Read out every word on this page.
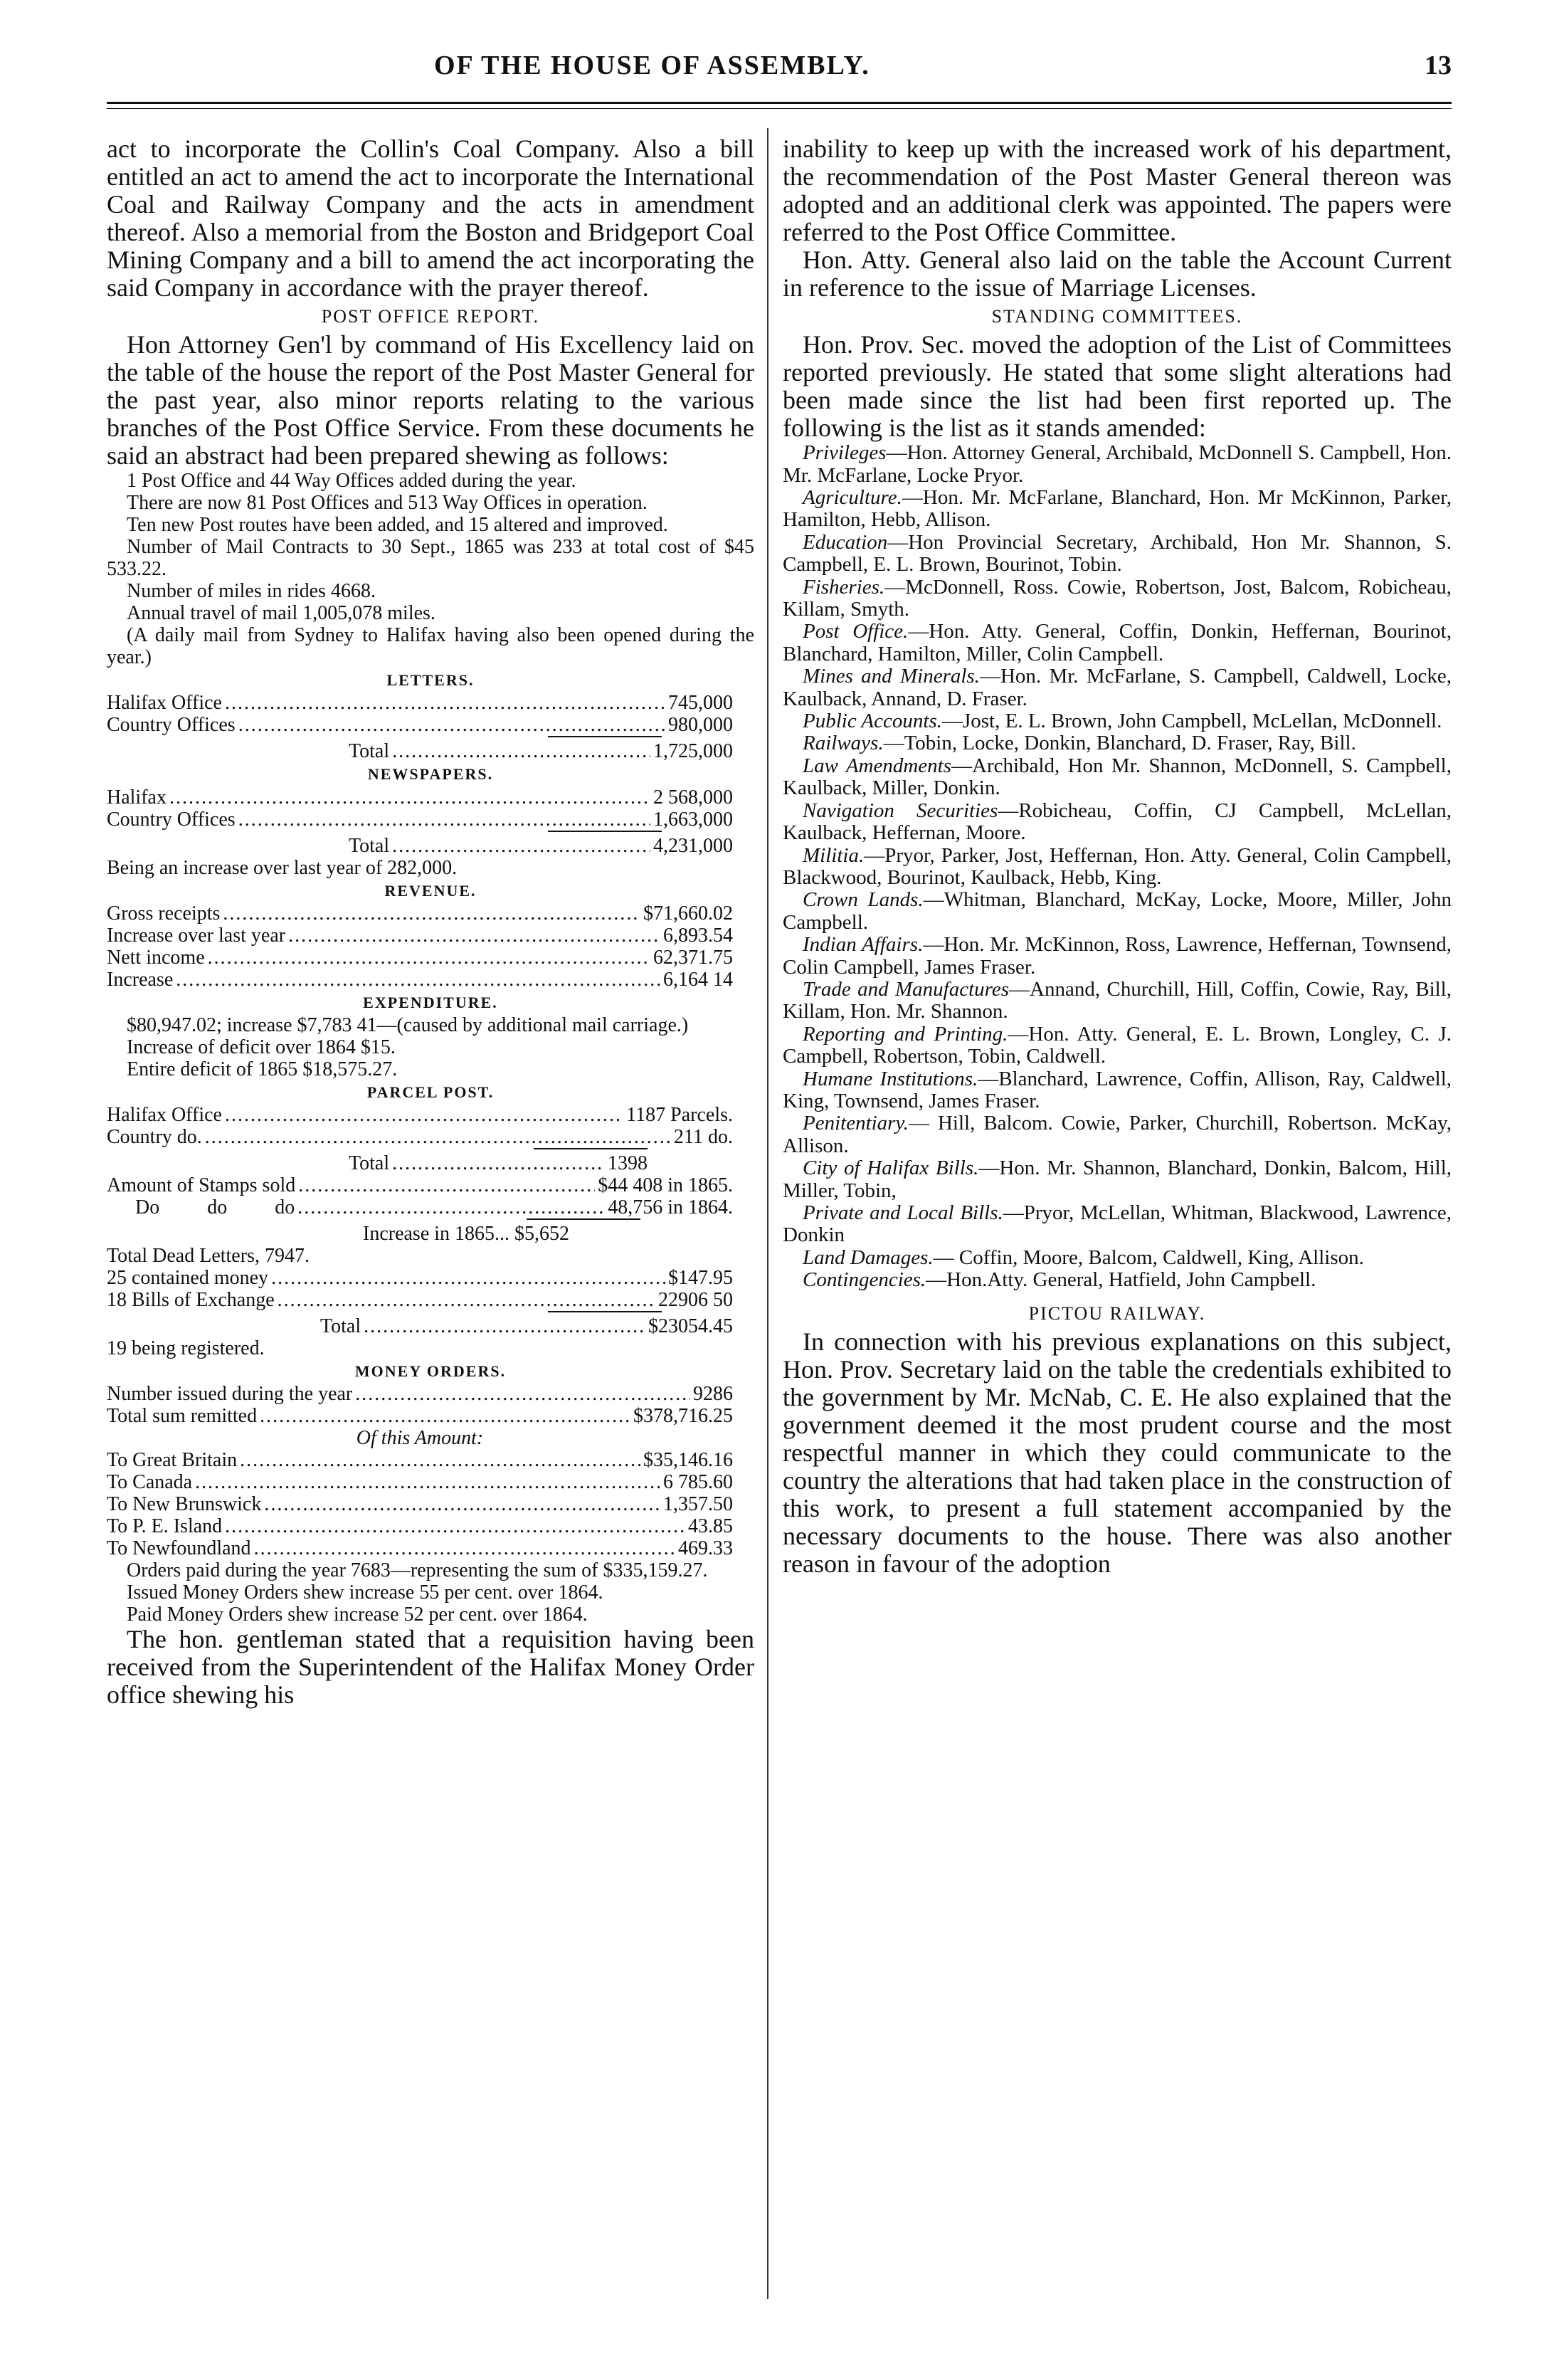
OF THE HOUSE OF ASSEMBLY.	13

act to incorporate the Collin's Coal Company. Also a bill entitled an act to amend the act to incorporate the International Coal and Railway Company and the acts in amendment thereof. Also a memorial from the Boston and Bridgeport Coal Mining Company and a bill to amend the act incorporating the said Company in accordance with the prayer thereof.

POST OFFICE REPORT.

Hon Attorney Gen'l by command of His Excellency laid on the table of the house the report of the Post Master General for the past year, also minor reports relating to the various branches of the Post Office Service. From these documents he said an abstract had been prepared shewing as follows:

1 Post Office and 44 Way Offices added during the year.

There are now 81 Post Offices and 513 Way Offices in operation.

Ten new Post routes have been added, and 15 altered and improved.

Number of Mail Contracts to 30 Sept., 1865 was 233 at total cost of $45 533.22.

Number of miles in rides 4668.

Annual travel of mail 1,005,078 miles.

(A daily mail from Sydney to Halifax having also been opened during the year.)

LETTERS.
Halifax Office .....	745,000
Country Offices .....	980,000
Total .....	1,725,000
NEWSPAPERS.
Halifax .....	2 568,000
Country Offices .....	1,663,000
Total .....	4,231,000

Being an increase over last year of 282,000.

REVENUE.
Gross receipts .....	$71,660.02
Increase over last year .....	6,893.54
Nett income .....	62,371.75
Increase .....	6,164 14
EXPENDITURE.

$80,947.02; increase $7,783 41—(caused by additional mail carriage.)

Increase of deficit over 1864 $15.

Entire deficit of 1865 $18,575.27.

PARCEL POST.
Halifax Office .....	1187 Parcels.
Country do. .....	211 do.
Total .....	1398
Amount of Stamps sold .....	$44 408 in 1865.
Do do do .....	48,756 in 1864.

Increase in 1865... $5,652

Total Dead Letters, 7947.

25 contained money .....	$147.95
18 Bills of Exchange .....	22906 50
Total .....	$23054.45

19 being registered.

MONEY ORDERS.
Number issued during the year .....	9286
Total sum remitted .....	$378,716.25
Of this Amount:
To Great Britain .....	$35,146.16
To Canada .....	6 785.60
To New Brunswick .....	1,357.50
To P. E. Island .....	43.85
To Newfoundland .....	469.33

Orders paid during the year 7683—representing the sum of $335,159.27.

Issued Money Orders shew increase 55 per cent. over 1864.

Paid Money Orders shew increase 52 per cent. over 1864.

The hon. gentleman stated that a requisition having been received from the Superintendent of the Halifax Money Order office shewing his

inability to keep up with the increased work of his department, the recommendation of the Post Master General thereon was adopted and an additional clerk was appointed. The papers were referred to the Post Office Committee.

Hon. Atty. General also laid on the table the Account Current in reference to the issue of Marriage Licenses.

STANDING COMMITTEES.

Hon. Prov. Sec. moved the adoption of the List of Committees reported previously. He stated that some slight alterations had been made since the list had been first reported up. The following is the list as it stands amended:

Privileges—Hon. Attorney General, Archibald, McDonnell S. Campbell, Hon. Mr. McFarlane, Locke Pryor.

Agriculture.—Hon. Mr. McFarlane, Blanchard, Hon. Mr McKinnon, Parker, Hamilton, Hebb, Allison.

Education—Hon Provincial Secretary, Archibald, Hon Mr. Shannon, S. Campbell, E. L. Brown, Bourinot, Tobin.

Fisheries.—McDonnell, Ross. Cowie, Robertson, Jost, Balcom, Robicheau, Killam, Smyth.

Post Office.—Hon. Atty. General, Coffin, Donkin, Heffernan, Bourinot, Blanchard, Hamilton, Miller, Colin Campbell.

Mines and Minerals.—Hon. Mr. McFarlane, S. Campbell, Caldwell, Locke, Kaulback, Annand, D. Fraser.

Public Accounts.—Jost, E. L. Brown, John Campbell, McLellan, McDonnell.

Railways.—Tobin, Locke, Donkin, Blanchard, D. Fraser, Ray, Bill.

Law Amendments—Archibald, Hon Mr. Shannon, McDonnell, S. Campbell, Kaulback, Miller, Donkin.

Navigation Securities—Robicheau, Coffin, CJ Campbell, McLellan, Kaulback, Heffernan, Moore.

Militia.—Pryor, Parker, Jost, Heffernan, Hon. Atty. General, Colin Campbell, Blackwood, Bourinot, Kaulback, Hebb, King.

Crown Lands.—Whitman, Blanchard, McKay, Locke, Moore, Miller, John Campbell.

Indian Affairs.—Hon. Mr. McKinnon, Ross, Lawrence, Heffernan, Townsend, Colin Campbell, James Fraser.

Trade and Manufactures—Annand, Churchill, Hill, Coffin, Cowie, Ray, Bill, Killam, Hon. Mr. Shannon.

Reporting and Printing.—Hon. Atty. General, E. L. Brown, Longley, C. J. Campbell, Robertson, Tobin, Caldwell.

Humane Institutions.—Blanchard, Lawrence, Coffin, Allison, Ray, Caldwell, King, Townsend, James Fraser.

Penitentiary.— Hill, Balcom. Cowie, Parker, Churchill, Robertson. McKay, Allison.

City of Halifax Bills.—Hon. Mr. Shannon, Blanchard, Donkin, Balcom, Hill, Miller, Tobin,

Private and Local Bills.—Pryor, McLellan, Whitman, Blackwood, Lawrence, Donkin

Land Damages.— Coffin, Moore, Balcom, Caldwell, King, Allison.

Contingencies.—Hon.Atty. General, Hatfield, John Campbell.

PICTOU RAILWAY.

In connection with his previous explanations on this subject, Hon. Prov. Secretary laid on the table the credentials exhibited to the government by Mr. McNab, C. E. He also explained that the government deemed it the most prudent course and the most respectful manner in which they could communicate to the country the alterations that had taken place in the construction of this work, to present a full statement accompanied by the necessary documents to the house. There was also another reason in favour of the adoption
